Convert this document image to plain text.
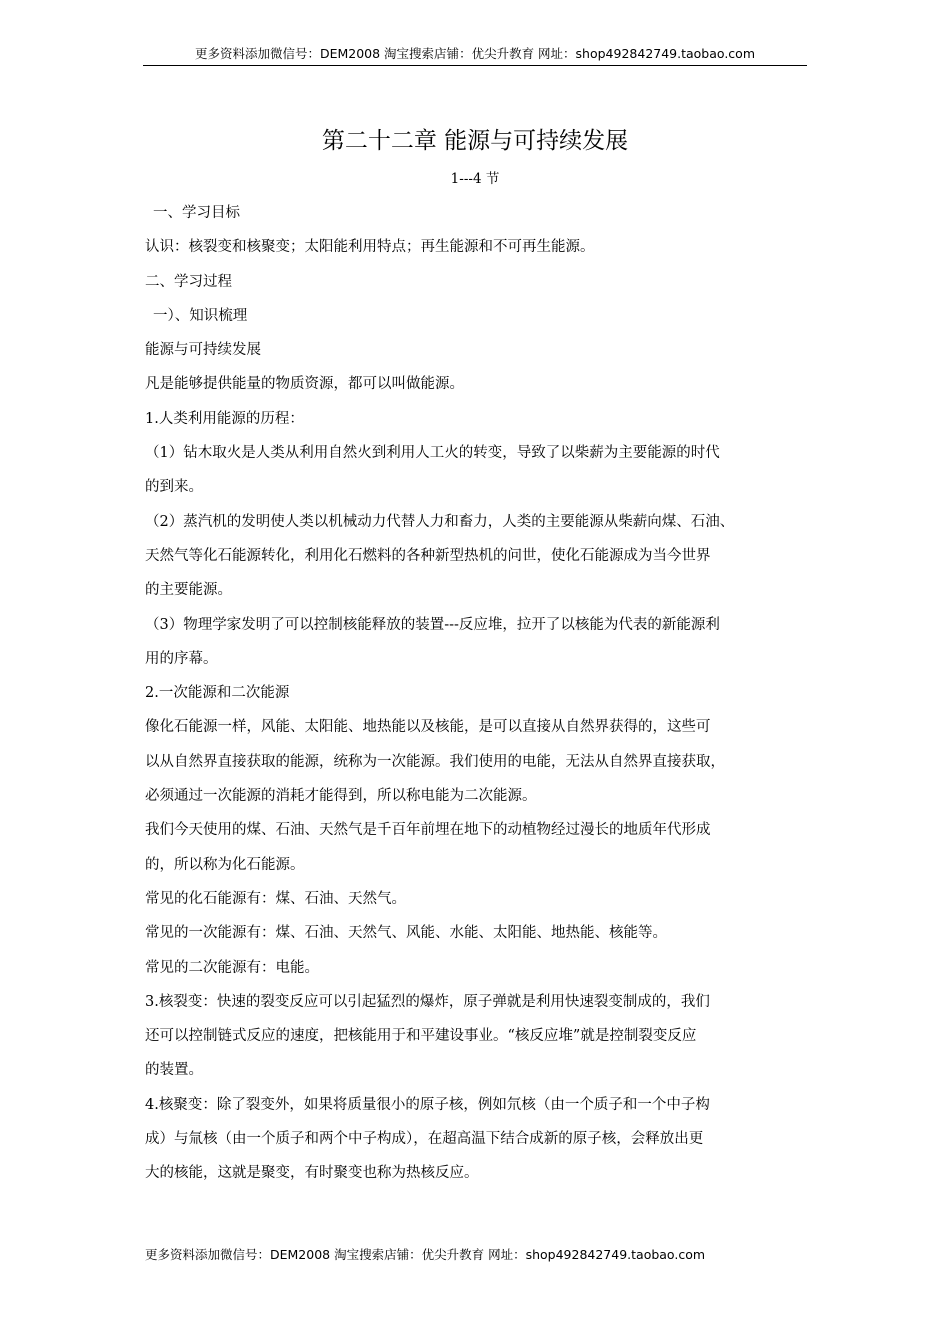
更多资料添加微信号：DEM2008 淘宝搜索店铺：优尖升教育 网址：shop492842749.taobao.com
第二十二章 能源与可持续发展
1---4 节
一、学习目标
认识：核裂变和核聚变；太阳能利用特点；再生能源和不可再生能源。
二、学习过程
一）、知识梳理
能源与可持续发展
凡是能够提供能量的物质资源，都可以叫做能源。
1.人类利用能源的历程：
（1）钻木取火是人类从利用自然火到利用人工火的转变，导致了以柴薪为主要能源的时代
的到来。
（2）蒸汽机的发明使人类以机械动力代替人力和畜力，人类的主要能源从柴薪向煤、石油、
天然气等化石能源转化，利用化石燃料的各种新型热机的问世，使化石能源成为当今世界
的主要能源。
（3）物理学家发明了可以控制核能释放的装置---反应堆，拉开了以核能为代表的新能源利
用的序幕。
2.一次能源和二次能源
像化石能源一样，风能、太阳能、地热能以及核能，是可以直接从自然界获得的，这些可
以从自然界直接获取的能源，统称为一次能源。我们使用的电能，无法从自然界直接获取，
必须通过一次能源的消耗才能得到，所以称电能为二次能源。
我们今天使用的煤、石油、天然气是千百年前埋在地下的动植物经过漫长的地质年代形成
的，所以称为化石能源。
常见的化石能源有：煤、石油、天然气。
常见的一次能源有：煤、石油、天然气、风能、水能、太阳能、地热能、核能等。
常见的二次能源有：电能。
3.核裂变：快速的裂变反应可以引起猛烈的爆炸，原子弹就是利用快速裂变制成的，我们
还可以控制链式反应的速度，把核能用于和平建设事业。“核反应堆”就是控制裂变反应
的装置。
4.核聚变：除了裂变外，如果将质量很小的原子核，例如氘核（由一个质子和一个中子构
成）与氚核（由一个质子和两个中子构成），在超高温下结合成新的原子核，会释放出更
大的核能，这就是聚变，有时聚变也称为热核反应。
更多资料添加微信号：DEM2008 淘宝搜索店铺：优尖升教育 网址：shop492842749.taobao.com
